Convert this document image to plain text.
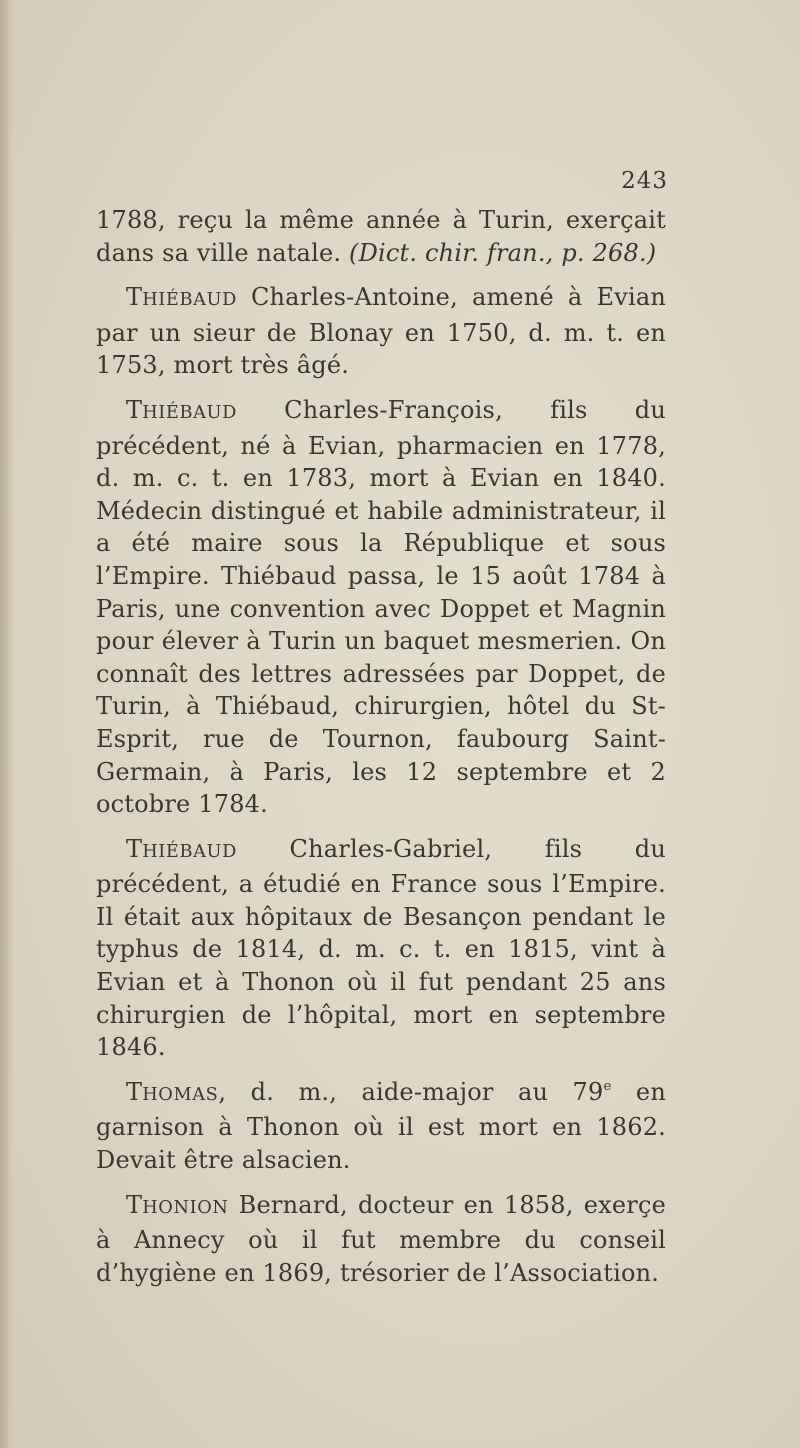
243

1788, reçu la même année à Turin, exerçait dans sa ville natale. (Dict. chir. fran., p. 268.)

THIÉBAUD Charles-Antoine, amené à Evian par un sieur de Blonay en 1750, d. m. t. en 1753, mort très âgé.

THIÉBAUD Charles-François, fils du précédent, né à Evian, pharmacien en 1778, d. m. c. t. en 1783, mort à Evian en 1840. Médecin distingué et habile administrateur, il a été maire sous la République et sous l’Empire. Thiébaud passa, le 15 août 1784 à Paris, une convention avec Doppet et Magnin pour élever à Turin un baquet mesmerien. On connaît des lettres adressées par Doppet, de Turin, à Thiébaud, chirurgien, hôtel du St-Esprit, rue de Tournon, faubourg Saint-Germain, à Paris, les 12 septembre et 2 octobre 1784.

THIÉBAUD Charles-Gabriel, fils du précédent, a étudié en France sous l’Empire. Il était aux hôpitaux de Besançon pendant le typhus de 1814, d. m. c. t. en 1815, vint à Evian et à Thonon où il fut pendant 25 ans chirurgien de l’hôpital, mort en septembre 1846.

THOMAS, d. m., aide-major au 79e en garnison à Thonon où il est mort en 1862. Devait être alsacien.

THONION Bernard, docteur en 1858, exerçe à Annecy où il fut membre du conseil d’hygiène en 1869, trésorier de l’Association.
